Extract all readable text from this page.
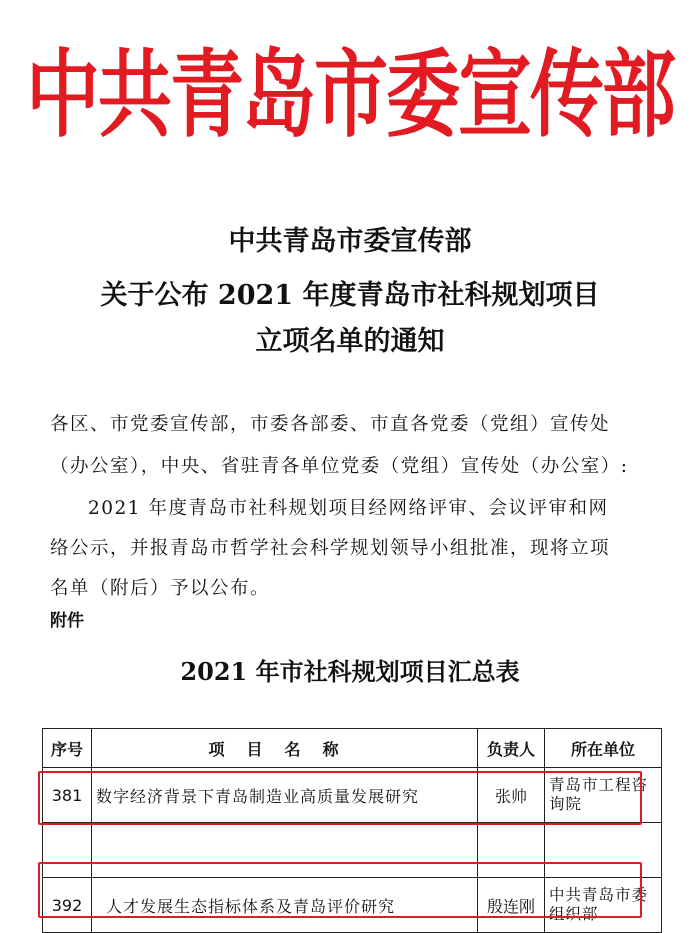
中共青岛市委宣传部
中共青岛市委宣传部
关于公布 2021 年度青岛市社科规划项目
立项名单的通知
各区、市党委宣传部，市委各部委、市直各党委（党组）宣传处
（办公室），中央、省驻青各单位党委（党组）宣传处（办公室）:
2021 年度青岛市社科规划项目经网络评审、会议评审和网
络公示，并报青岛市哲学社会科学规划领导小组批准，现将立项
名单（附后）予以公布。
附件
2021 年市社科规划项目汇总表
序号	项目名称	负责人	所在单位
381	数字经济背景下青岛制造业高质量发展研究	张帅	青岛市工程咨询院

392	人才发展生态指标体系及青岛评价研究	殷连刚	中共青岛市委组织部
